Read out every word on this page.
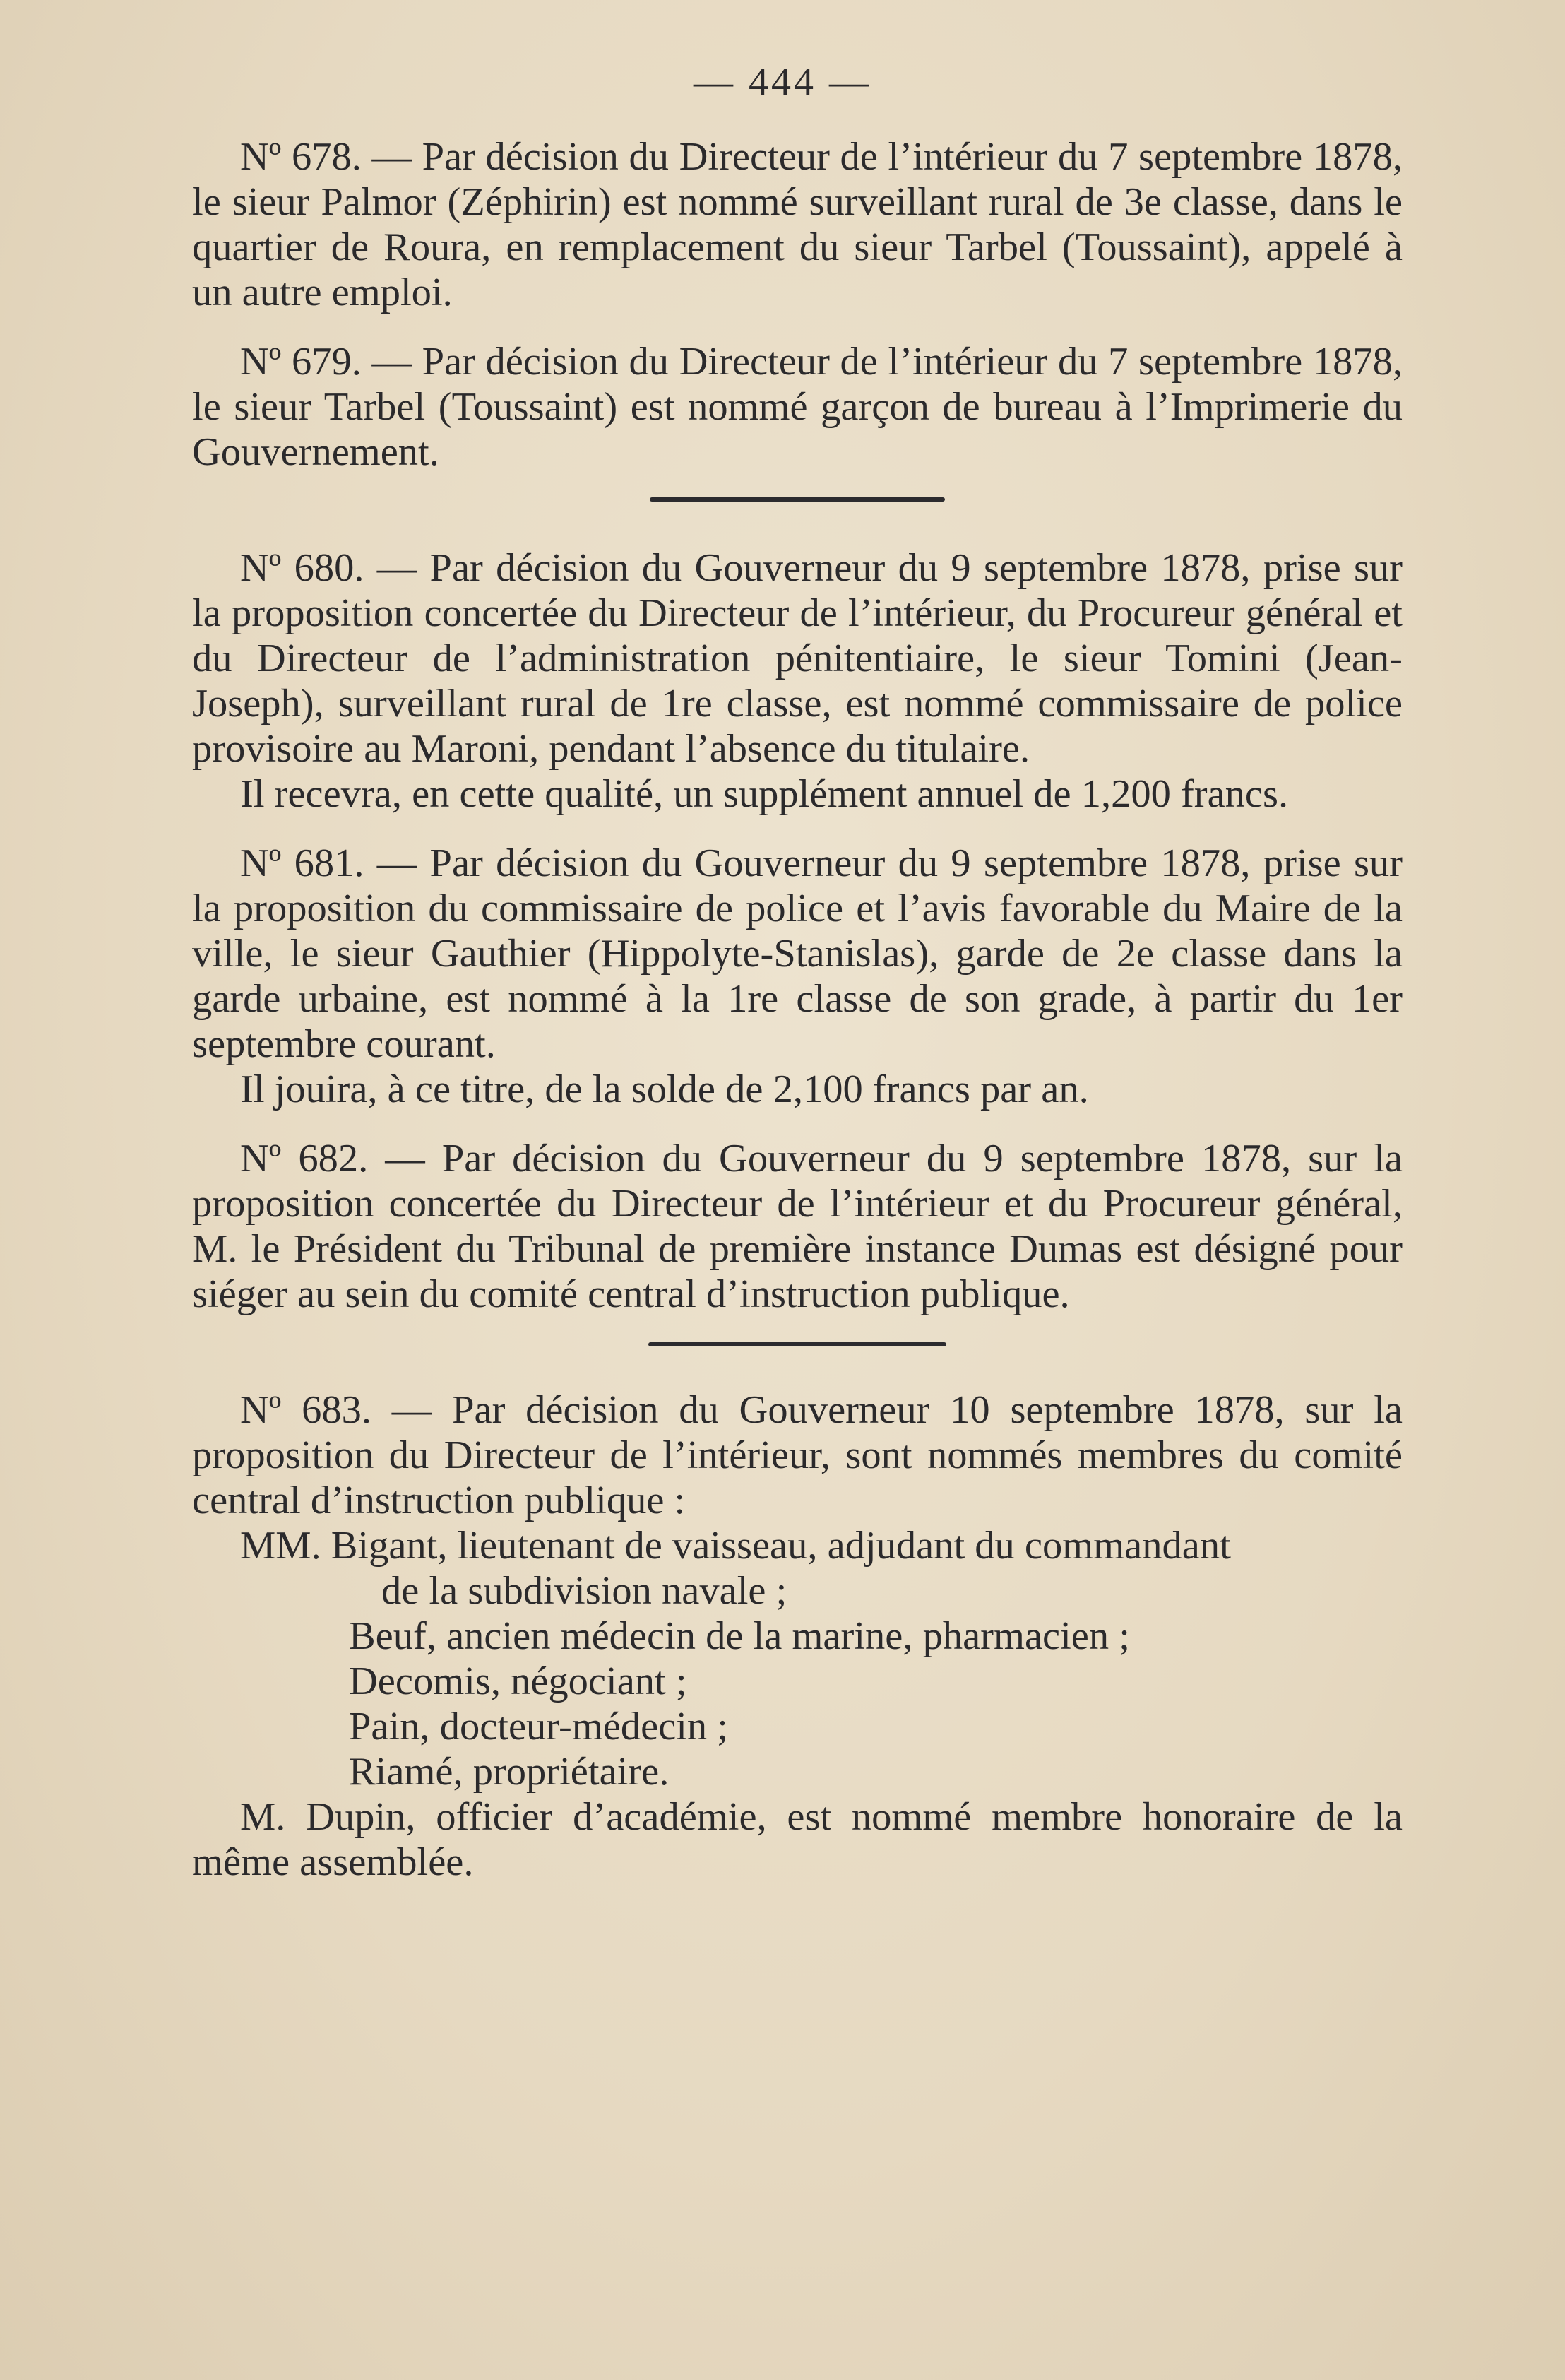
— 444 —

Nº 678. — Par décision du Directeur de l’intérieur du 7 septembre 1878, le sieur Palmor (Zéphirin) est nommé surveillant rural de 3e classe, dans le quartier de Roura, en remplacement du sieur Tarbel (Toussaint), appelé à un autre emploi.

Nº 679. — Par décision du Directeur de l’intérieur du 7 septembre 1878, le sieur Tarbel (Toussaint) est nommé garçon de bureau à l’Imprimerie du Gouvernement.

Nº 680. — Par décision du Gouverneur du 9 septembre 1878, prise sur la proposition concertée du Directeur de l’intérieur, du Procureur général et du Directeur de l’administration pénitentiaire, le sieur Tomini (Jean-Joseph), surveillant rural de 1re classe, est nommé commissaire de police provisoire au Maroni, pendant l’absence du titulaire.

Il recevra, en cette qualité, un supplément annuel de 1,200 francs.

Nº 681. — Par décision du Gouverneur du 9 septembre 1878, prise sur la proposition du commissaire de police et l’avis favorable du Maire de la ville, le sieur Gauthier (Hippolyte-Stanislas), garde de 2e classe dans la garde urbaine, est nommé à la 1re classe de son grade, à partir du 1er septembre courant.

Il jouira, à ce titre, de la solde de 2,100 francs par an.

Nº 682. — Par décision du Gouverneur du 9 septembre 1878, sur la proposition concertée du Directeur de l’intérieur et du Procureur général, M. le Président du Tribunal de première instance Dumas est désigné pour siéger au sein du comité central d’instruction publique.

Nº 683. — Par décision du Gouverneur 10 septembre 1878, sur la proposition du Directeur de l’intérieur, sont nommés membres du comité central d’instruction publique :

MM. Bigant, lieutenant de vaisseau, adjudant du commandant

de la subdivision navale ;

Beuf, ancien médecin de la marine, pharmacien ;

Decomis, négociant ;

Pain, docteur-médecin ;

Riamé, propriétaire.

M. Dupin, officier d’académie, est nommé membre honoraire de la même assemblée.
